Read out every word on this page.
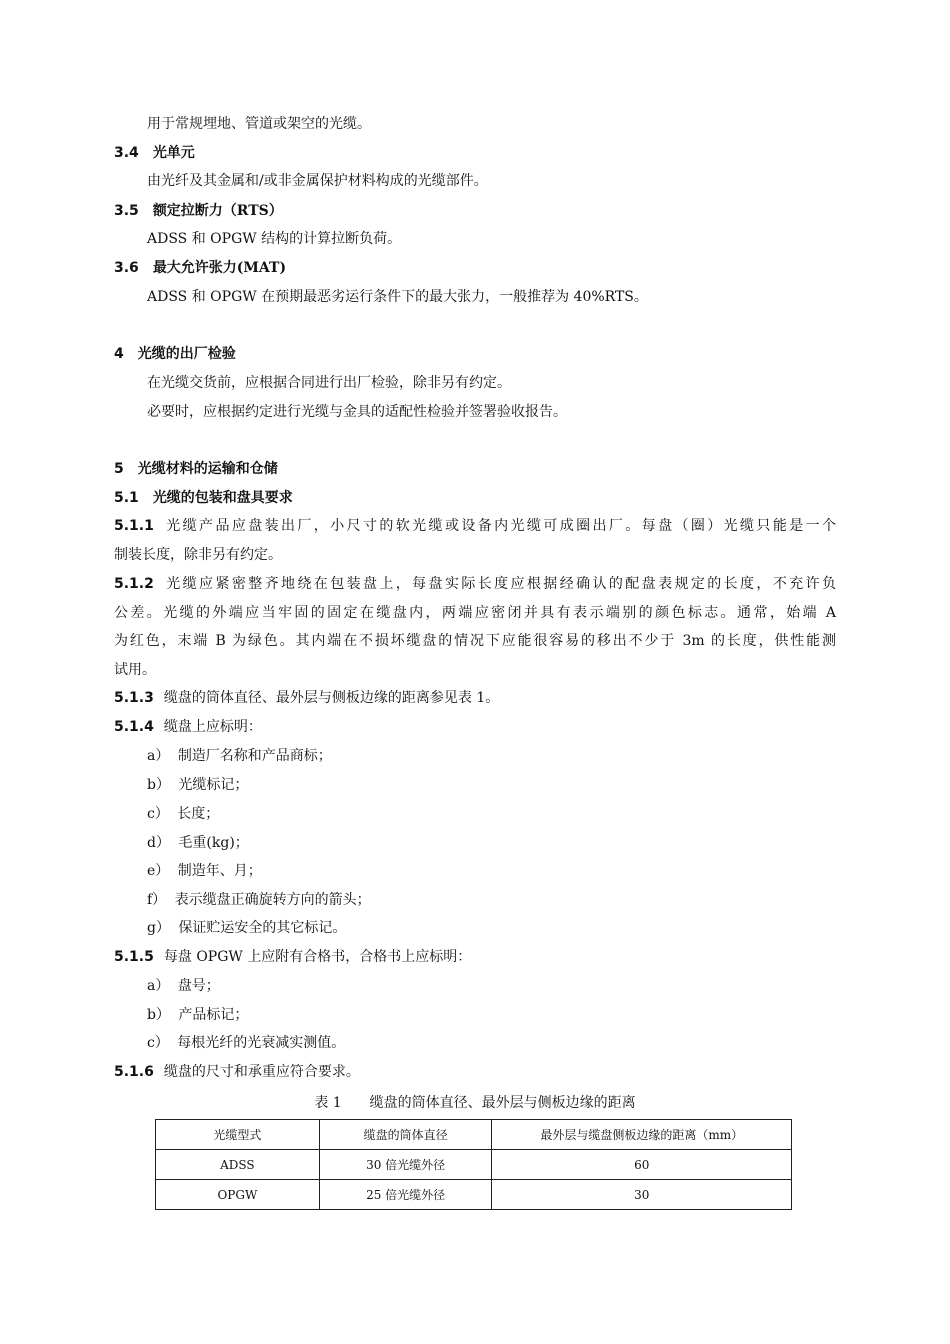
用于常规埋地、管道或架空的光缆。
3.4 光单元
由光纤及其金属和/或非金属保护材料构成的光缆部件。
3.5 额定拉断力（RTS）
ADSS 和 OPGW 结构的计算拉断负荷。
3.6 最大允许张力(MAT)
ADSS 和 OPGW 在预期最恶劣运行条件下的最大张力，一般推荐为 40%RTS。
4 光缆的出厂检验
在光缆交货前，应根据合同进行出厂检验，除非另有约定。
必要时，应根据约定进行光缆与金具的适配性检验并签署验收报告。
5 光缆材料的运输和仓储
5.1 光缆的包装和盘具要求
5.1.1 光缆产品应盘装出厂，小尺寸的软光缆或设备内光缆可成圈出厂。每盘（圈）光缆只能是一个
制装长度，除非另有约定。
5.1.2 光缆应紧密整齐地绕在包装盘上，每盘实际长度应根据经确认的配盘表规定的长度，不充许负
公差。光缆的外端应当牢固的固定在缆盘内，两端应密闭并具有表示端别的颜色标志。通常，始端 A
为红色，末端 B 为绿色。其内端在不损坏缆盘的情况下应能很容易的移出不少于 3m 的长度，供性能测
试用。
5.1.3 缆盘的筒体直径、最外层与侧板边缘的距离参见表 1。
5.1.4 缆盘上应标明：
a） 制造厂名称和产品商标；
b） 光缆标记；
c） 长度；
d） 毛重(kg)；
e） 制造年、月；
f） 表示缆盘正确旋转方向的箭头；
g） 保证贮运安全的其它标记。
5.1.5 每盘 OPGW 上应附有合格书，合格书上应标明：
a） 盘号；
b） 产品标记；
c） 每根光纤的光衰减实测值。
5.1.6 缆盘的尺寸和承重应符合要求。
表 1　　缆盘的筒体直径、最外层与侧板边缘的距离
光缆型式	缆盘的筒体直径	最外层与缆盘侧板边缘的距离（mm）
ADSS	30 倍光缆外径	60
OPGW	25 倍光缆外径	30
